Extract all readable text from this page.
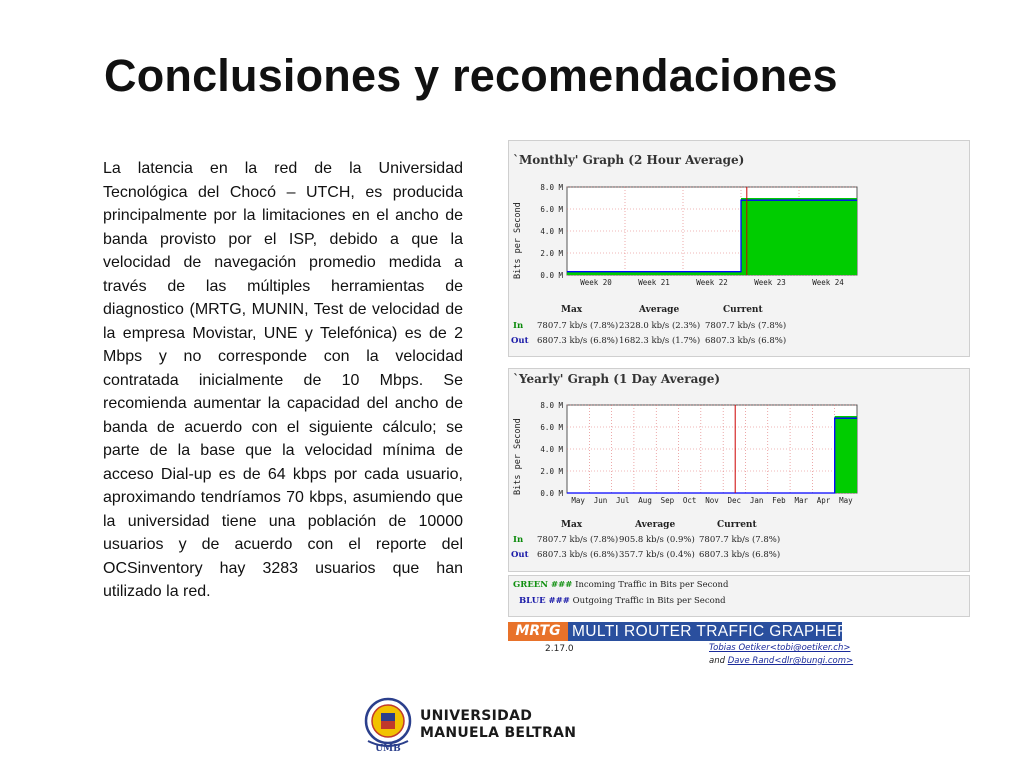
Conclusiones y recomendaciones

La latencia en la red de la Universidad Tecnológica del Chocó – UTCH, es producida principalmente por la limitaciones en el ancho de banda provisto por el ISP, debido a que la velocidad de navegación promedio medida a través de las múltiples herramientas de diagnostico (MRTG, MUNIN, Test de velocidad de la empresa Movistar, UNE y Telefónica) es de 2 Mbps y no corresponde con la velocidad contratada inicialmente de 10 Mbps. Se recomienda aumentar la capacidad del ancho de banda de acuerdo con el siguiente cálculo; se parte de la base que la velocidad mínima de acceso Dial-up es de 64 kbps por cada usuario, aproximando tendríamos 70 kbps, asumiendo que la universidad tiene una población de 10000 usuarios y de acuerdo con el reporte del OCSinventory hay 3283 usuarios que han utilizado la red.

`Monthly' Graph (2 Hour Average)
Bits per Second
8.0 M
6.0 M
4.0 M
2.0 M
0.0 M
Week 20	Week 21	Week 22	Week 23	Week 24
Max	Average	Current
In 7807.7 kb/s (7.8%) 2328.0 kb/s (2.3%) 7807.7 kb/s (7.8%)
Out 6807.3 kb/s (6.8%) 1682.3 kb/s (1.7%) 6807.3 kb/s (6.8%)
`Yearly' Graph (1 Day Average)
Bits per Second
8.0 M
6.0 M
4.0 M
2.0 M
0.0 M
May Jun Jul Aug Sep Oct Nov Dec Jan Feb Mar Apr May
Max	Average	Current
In 7807.7 kb/s (7.8%) 905.8 kb/s (0.9%) 7807.7 kb/s (7.8%)
Out 6807.3 kb/s (6.8%) 357.7 kb/s (0.4%) 6807.3 kb/s (6.8%)
GREEN ### Incoming Traffic in Bits per Second
BLUE ### Outgoing Traffic in Bits per Second
MRTG MULTI ROUTER TRAFFIC GRAPHER
2.17.0	Tobias Oetiker<tobi@oetiker.ch>
and Dave Rand<dlr@bungi.com>
UMB
UNIVERSIDAD
MANUELA BELTRAN
